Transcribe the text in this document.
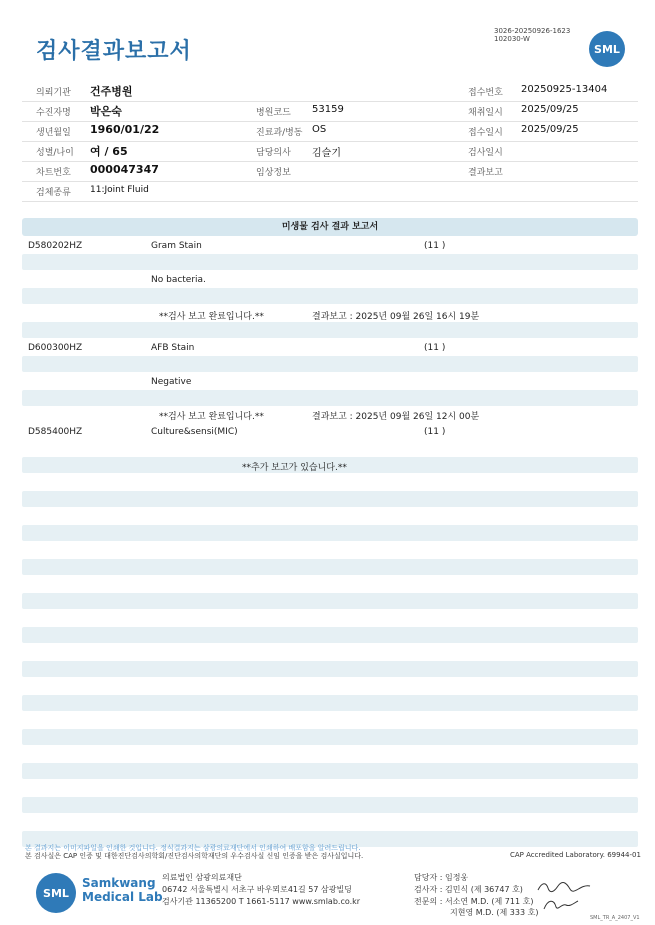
검사결과보고서
3026-20250926-1623
102030-W
SML
의뢰기관 건주병원	접수번호 20250925-13404
수진자명 박은숙	병원코드 53159	채취일시 2025/09/25
생년월일 1960/01/22	진료과/병동 OS	접수일시 2025/09/25
성별/나이 여 / 65	담당의사 김슬기	검사일시
차트번호 000047347	임상정보	결과보고
검체종류 11:Joint Fluid
미생물 검사 결과 보고서
D580202HZ	Gram Stain	(11 )
No bacteria.
**검사 보고 완료입니다.**	결과보고 : 2025년 09월 26일 16시 19분
D600300HZ	AFB Stain	(11 )
Negative
**검사 보고 완료입니다.**	결과보고 : 2025년 09월 26일 12시 00분
D585400HZ	Culture&sensi(MIC)	(11 )
**추가 보고가 있습니다.**
본 결과지는 이미지파일을 인쇄한 것입니다. 정식결과지는 삼광의료재단에서 인쇄하여 배포함을 알려드립니다.
본 검사실은 CAP 인증 및 대한진단검사의학회/진단검사의학재단의 우수검사실 신임 인증을 받은 검사실입니다.	CAP Accredited Laboratory. 69944-01
SML
Samkwang
Medical Lab
의료법인 삼광의료재단
06742 서울특별시 서초구 바우뫼로41길 57 삼광빌딩
검사기관 11365200 T 1661-5117 www.smlab.co.kr
담당자 : 임정웅
검사자 : 김민식 (제 36747 호)
전문의 : 서소연 M.D. (제 711 호)
지현영 M.D. (제 333 호)
SML_TR_A_2407_V1
